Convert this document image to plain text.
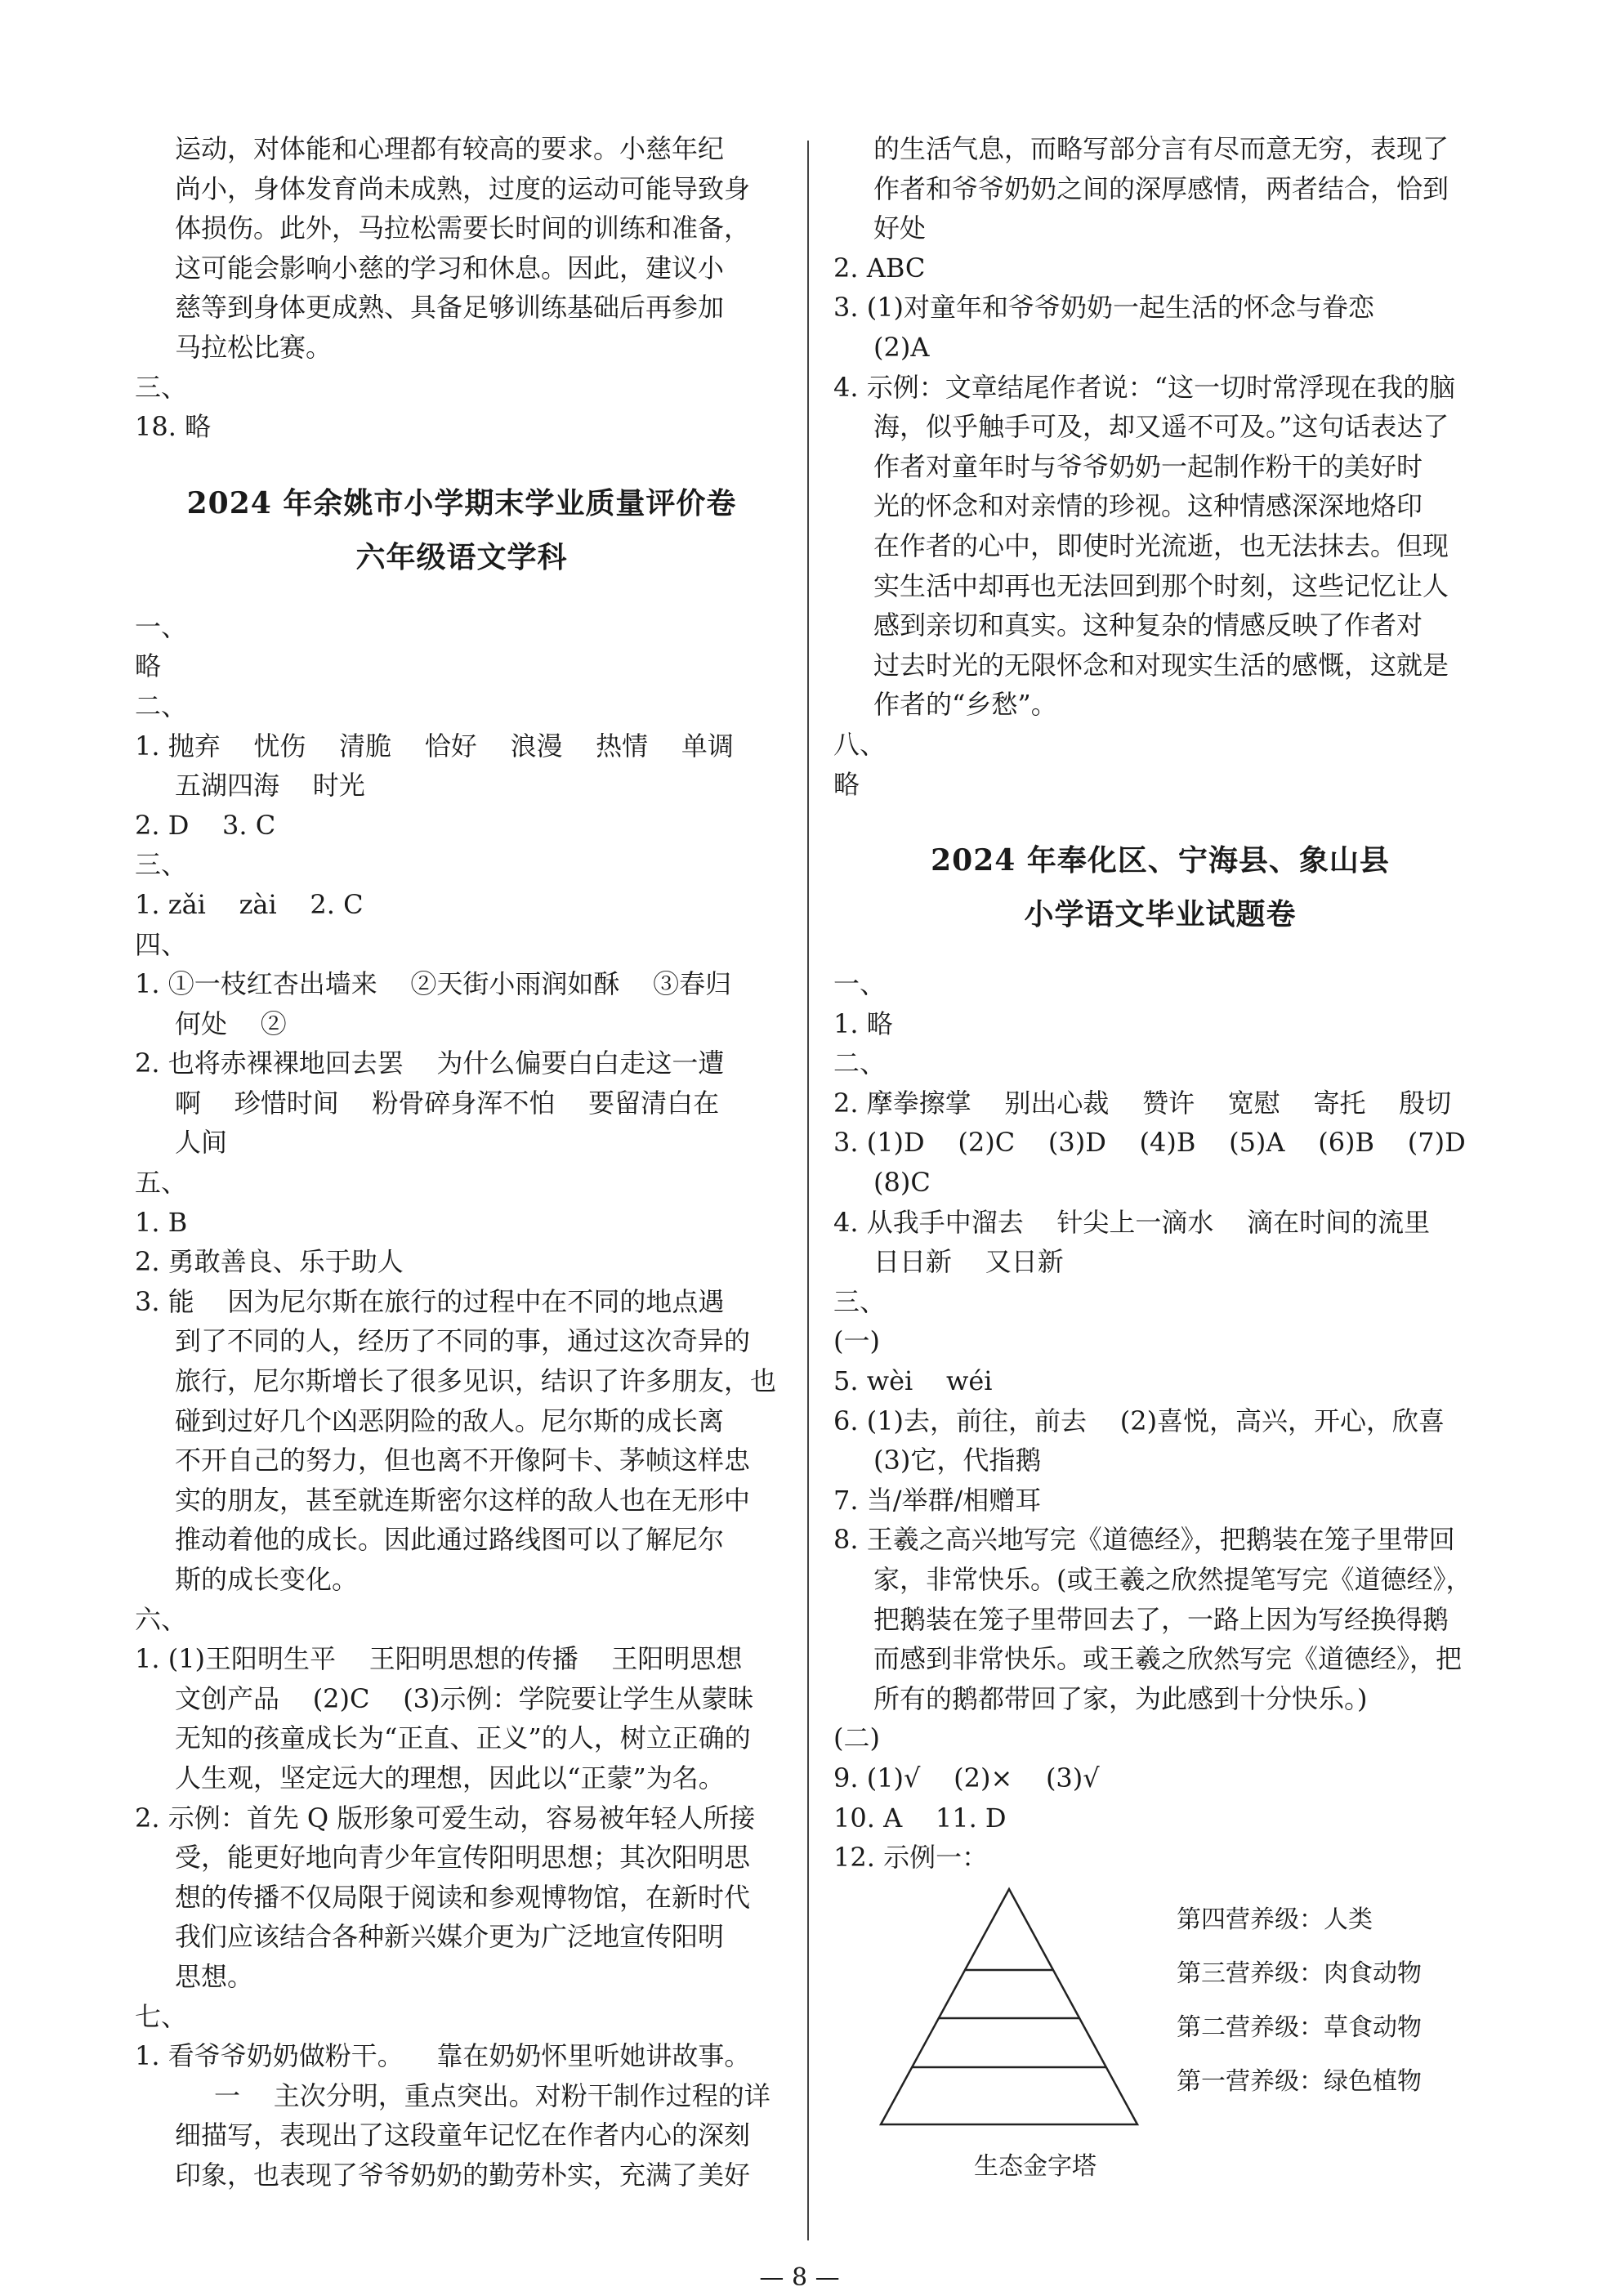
运动，对体能和心理都有较高的要求。小慈年纪

尚小，身体发育尚未成熟，过度的运动可能导致身

体损伤。此外，马拉松需要长时间的训练和准备，

这可能会影响小慈的学习和休息。因此，建议小

慈等到身体更成熟、具备足够训练基础后再参加

马拉松比赛。

三、

18. 略

2024 年余姚市小学期末学业质量评价卷

六年级语文学科

一、

略

二、

1. 抛弃    忧伤    清脆    恰好    浪漫    热情    单调

五湖四海    时光

2. D    3. C

三、

1. zǎi    zài    2. C

四、

1. ①一枝红杏出墙来    ②天街小雨润如酥    ③春归

何处    ②

2. 也将赤裸裸地回去罢    为什么偏要白白走这一遭

啊    珍惜时间    粉骨碎身浑不怕    要留清白在

人间

五、

1. B

2. 勇敢善良、乐于助人

3. 能    因为尼尔斯在旅行的过程中在不同的地点遇

到了不同的人，经历了不同的事，通过这次奇异的

旅行，尼尔斯增长了很多见识，结识了许多朋友，也

碰到过好几个凶恶阴险的敌人。尼尔斯的成长离

不开自己的努力，但也离不开像阿卡、茅帧这样忠

实的朋友，甚至就连斯密尔这样的敌人也在无形中

推动着他的成长。因此通过路线图可以了解尼尔

斯的成长变化。

六、

1. (1)王阳明生平    王阳明思想的传播    王阳明思想

文创产品    (2)C    (3)示例：学院要让学生从蒙昧

无知的孩童成长为“正直、正义”的人，树立正确的

人生观，坚定远大的理想，因此以“正蒙”为名。

2. 示例：首先 Q 版形象可爱生动，容易被年轻人所接

受，能更好地向青少年宣传阳明思想；其次阳明思

想的传播不仅局限于阅读和参观博物馆，在新时代

我们应该结合各种新兴媒介更为广泛地宣传阳明

思想。

七、

1. 看爷爷奶奶做粉干。    靠在奶奶怀里听她讲故事。

一    主次分明，重点突出。对粉干制作过程的详

细描写，表现出了这段童年记忆在作者内心的深刻

印象，也表现了爷爷奶奶的勤劳朴实，充满了美好

的生活气息，而略写部分言有尽而意无穷，表现了

作者和爷爷奶奶之间的深厚感情，两者结合，恰到

好处

2. ABC

3. (1)对童年和爷爷奶奶一起生活的怀念与眷恋

(2)A

4. 示例：文章结尾作者说：“这一切时常浮现在我的脑

海，似乎触手可及，却又遥不可及。”这句话表达了

作者对童年时与爷爷奶奶一起制作粉干的美好时

光的怀念和对亲情的珍视。这种情感深深地烙印

在作者的心中，即使时光流逝，也无法抹去。但现

实生活中却再也无法回到那个时刻，这些记忆让人

感到亲切和真实。这种复杂的情感反映了作者对

过去时光的无限怀念和对现实生活的感慨，这就是

作者的“乡愁”。

八、

略

2024 年奉化区、宁海县、象山县

小学语文毕业试题卷

一、

1. 略

二、

2. 摩拳擦掌    别出心裁    赞许    宽慰    寄托    殷切

3. (1)D    (2)C    (3)D    (4)B    (5)A    (6)B    (7)D

(8)C

4. 从我手中溜去    针尖上一滴水    滴在时间的流里

日日新    又日新

三、

(一)

5. wèi    wéi

6. (1)去，前往，前去    (2)喜悦，高兴，开心，欣喜

(3)它，代指鹅

7. 当/举群/相赠耳

8. 王羲之高兴地写完《道德经》，把鹅装在笼子里带回

家，非常快乐。(或王羲之欣然提笔写完《道德经》，

把鹅装在笼子里带回去了，一路上因为写经换得鹅

而感到非常快乐。或王羲之欣然写完《道德经》，把

所有的鹅都带回了家，为此感到十分快乐。)

(二)

9. (1)√    (2)×    (3)√

10. A    11. D

12. 示例一：

第四营养级：人类
第三营养级：肉食动物
第二营养级：草食动物
第一营养级：绿色植物
生态金字塔
— 8 —
